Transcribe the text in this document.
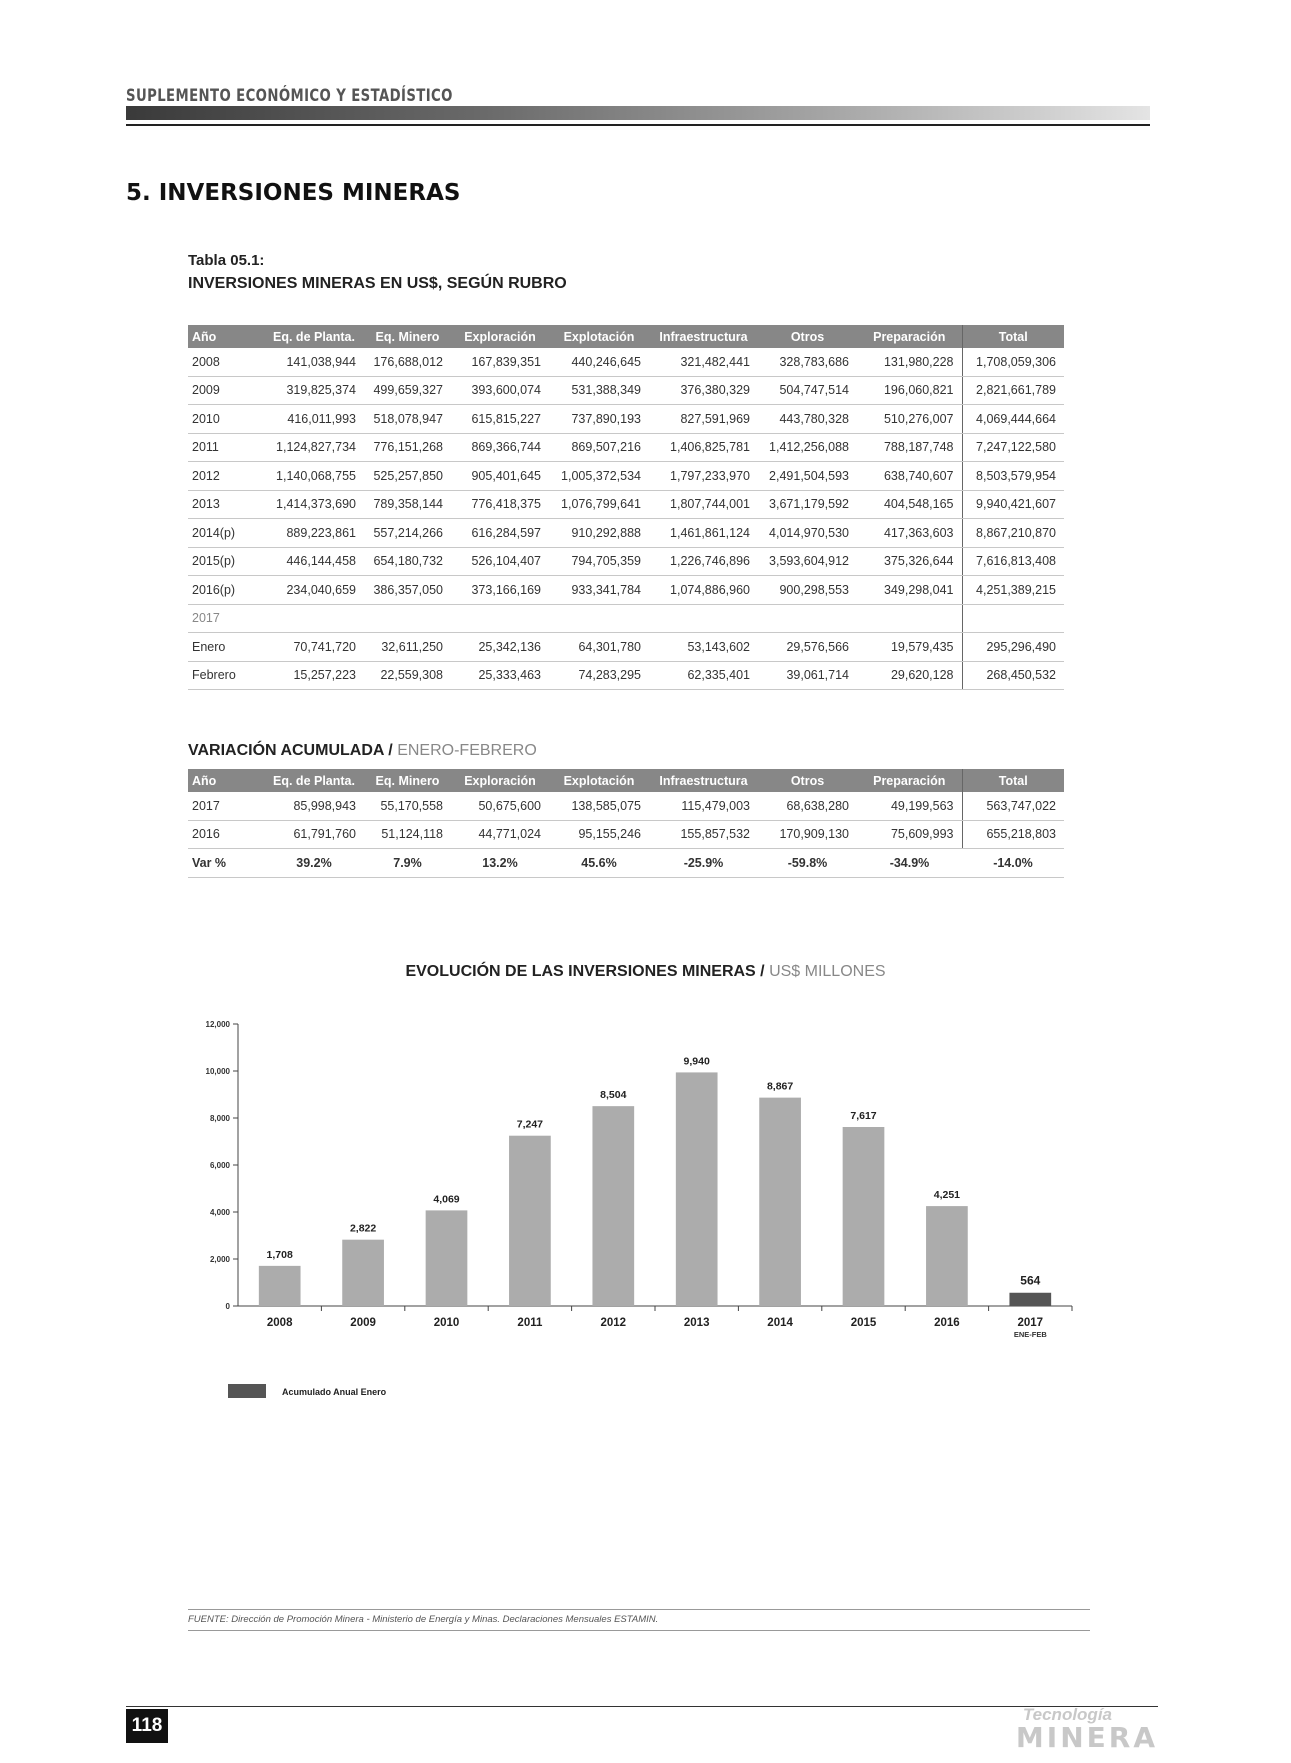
SUPLEMENTO ECONÓMICO Y ESTADÍSTICO
5. INVERSIONES MINERAS
Tabla 05.1:
INVERSIONES MINERAS EN US$, SEGÚN RUBRO
Año	Eq. de Planta.	Eq. Minero	Exploración	Explotación	Infraestructura	Otros	Preparación	Total
2008	141,038,944	176,688,012	167,839,351	440,246,645	321,482,441	328,783,686	131,980,228	1,708,059,306
2009	319,825,374	499,659,327	393,600,074	531,388,349	376,380,329	504,747,514	196,060,821	2,821,661,789
2010	416,011,993	518,078,947	615,815,227	737,890,193	827,591,969	443,780,328	510,276,007	4,069,444,664
2011	1,124,827,734	776,151,268	869,366,744	869,507,216	1,406,825,781	1,412,256,088	788,187,748	7,247,122,580
2012	1,140,068,755	525,257,850	905,401,645	1,005,372,534	1,797,233,970	2,491,504,593	638,740,607	8,503,579,954
2013	1,414,373,690	789,358,144	776,418,375	1,076,799,641	1,807,744,001	3,671,179,592	404,548,165	9,940,421,607
2014(p)	889,223,861	557,214,266	616,284,597	910,292,888	1,461,861,124	4,014,970,530	417,363,603	8,867,210,870
2015(p)	446,144,458	654,180,732	526,104,407	794,705,359	1,226,746,896	3,593,604,912	375,326,644	7,616,813,408
2016(p)	234,040,659	386,357,050	373,166,169	933,341,784	1,074,886,960	900,298,553	349,298,041	4,251,389,215
2017								
Enero	70,741,720	32,611,250	25,342,136	64,301,780	53,143,602	29,576,566	19,579,435	295,296,490
Febrero	15,257,223	22,559,308	25,333,463	74,283,295	62,335,401	39,061,714	29,620,128	268,450,532
VARIACIÓN ACUMULADA / ENERO-FEBRERO
Año	Eq. de Planta.	Eq. Minero	Exploración	Explotación	Infraestructura	Otros	Preparación	Total
2017	85,998,943	55,170,558	50,675,600	138,585,075	115,479,003	68,638,280	49,199,563	563,747,022
2016	61,791,760	51,124,118	44,771,024	95,155,246	155,857,532	170,909,130	75,609,993	655,218,803
Var %	39.2%	7.9%	13.2%	45.6%	-25.9%	-59.8%	-34.9%	-14.0%
EVOLUCIÓN DE LAS INVERSIONES MINERAS / US$ MILLONES
0
2,000
4,000
6,000
8,000
10,000
12,000
1,708
2008
2,822
2009
4,069
2010
7,247
2011
8,504
2012
9,940
2013
8,867
2014
7,617
2015
4,251
2016
564
2017
ENE-FEB
Acumulado Anual Enero
FUENTE: Dirección de Promoción Minera - Ministerio de Energía y Minas. Declaraciones Mensuales ESTAMIN.
118
Tecnología
MINERA
